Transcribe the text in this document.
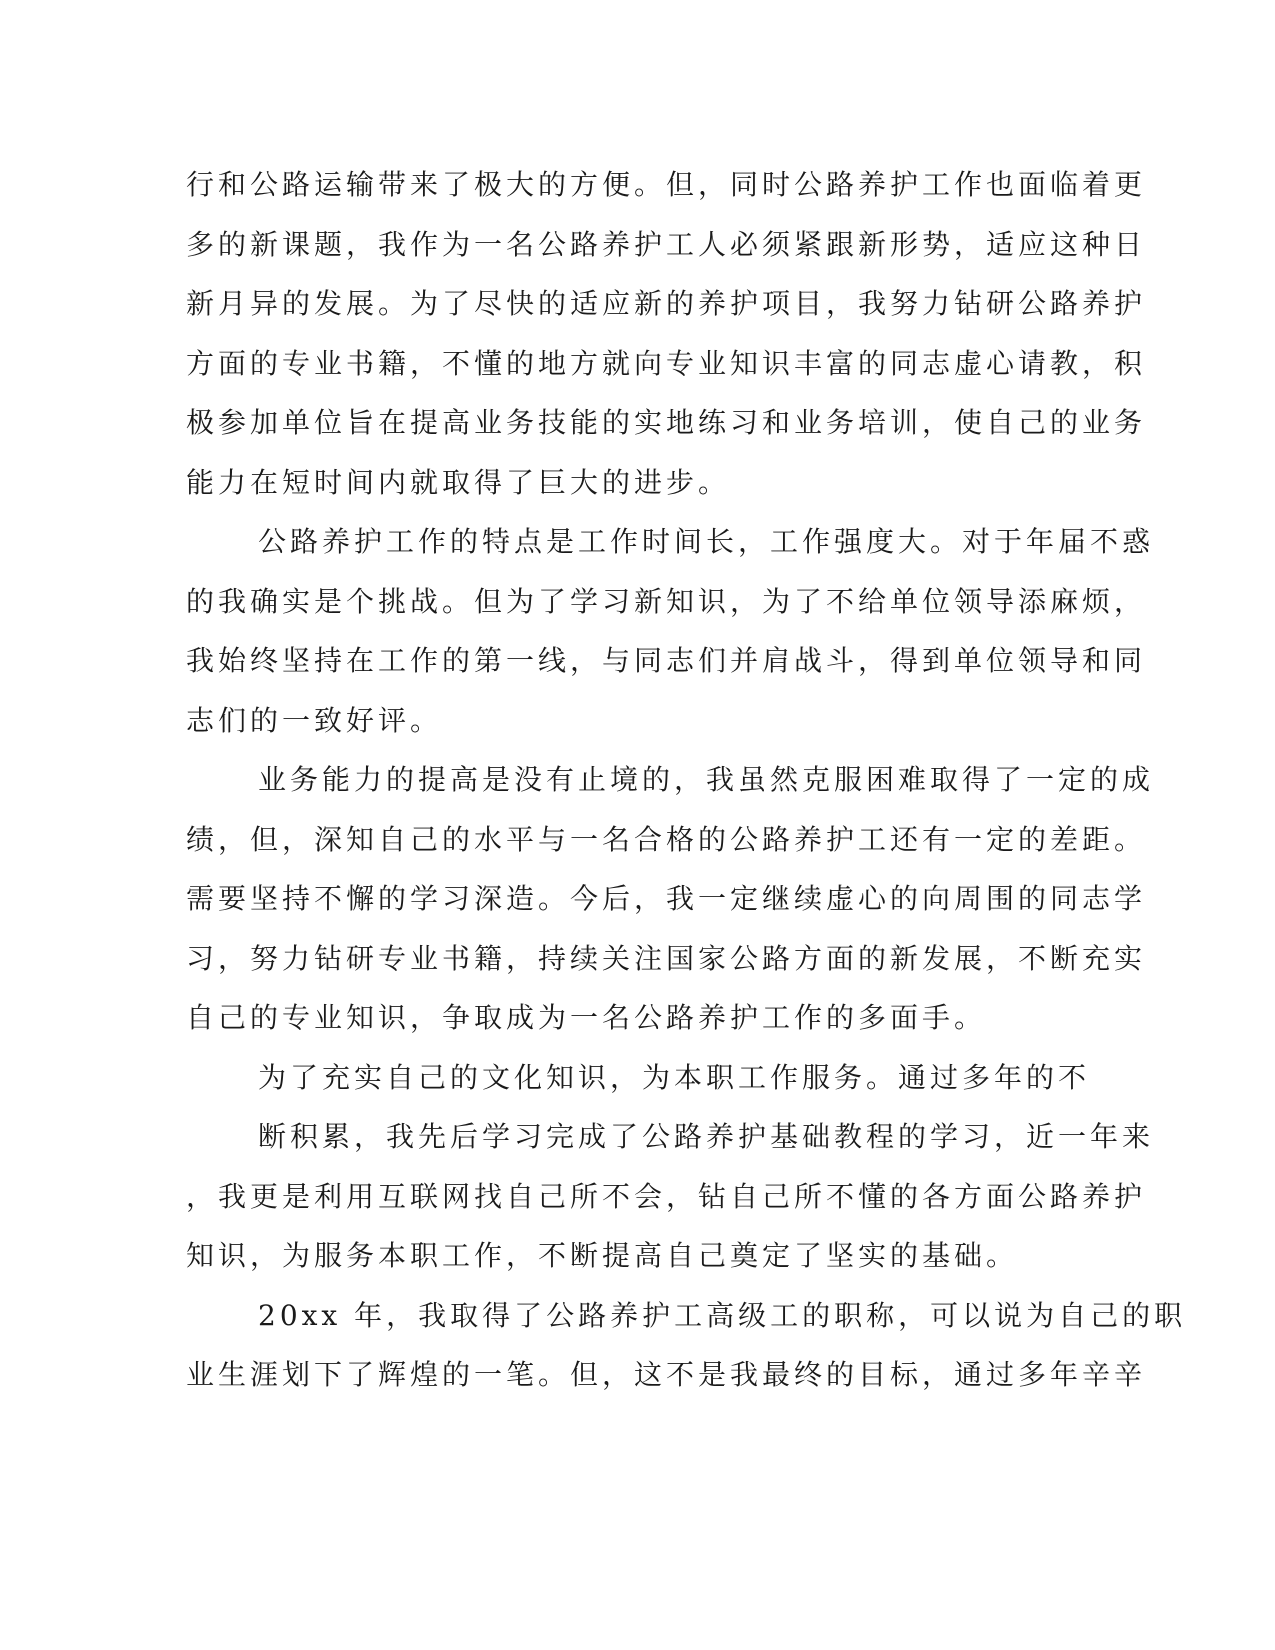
行和公路运输带来了极大的方便。但，同时公路养护工作也面临着更
多的新课题，我作为一名公路养护工人必须紧跟新形势，适应这种日
新月异的发展。为了尽快的适应新的养护项目，我努力钻研公路养护
方面的专业书籍，不懂的地方就向专业知识丰富的同志虚心请教，积
极参加单位旨在提高业务技能的实地练习和业务培训，使自己的业务
能力在短时间内就取得了巨大的进步。
公路养护工作的特点是工作时间长，工作强度大。对于年届不惑
的我确实是个挑战。但为了学习新知识，为了不给单位领导添麻烦，
我始终坚持在工作的第一线，与同志们并肩战斗，得到单位领导和同
志们的一致好评。
业务能力的提高是没有止境的，我虽然克服困难取得了一定的成
绩，但，深知自己的水平与一名合格的公路养护工还有一定的差距。
需要坚持不懈的学习深造。今后，我一定继续虚心的向周围的同志学
习，努力钻研专业书籍，持续关注国家公路方面的新发展，不断充实
自己的专业知识，争取成为一名公路养护工作的多面手。
为了充实自己的文化知识，为本职工作服务。通过多年的不
断积累，我先后学习完成了公路养护基础教程的学习，近一年来
，我更是利用互联网找自己所不会，钻自己所不懂的各方面公路养护
知识，为服务本职工作，不断提高自己奠定了坚实的基础。
20xx 年，我取得了公路养护工高级工的职称，可以说为自己的职
业生涯划下了辉煌的一笔。但，这不是我最终的目标，通过多年辛辛
